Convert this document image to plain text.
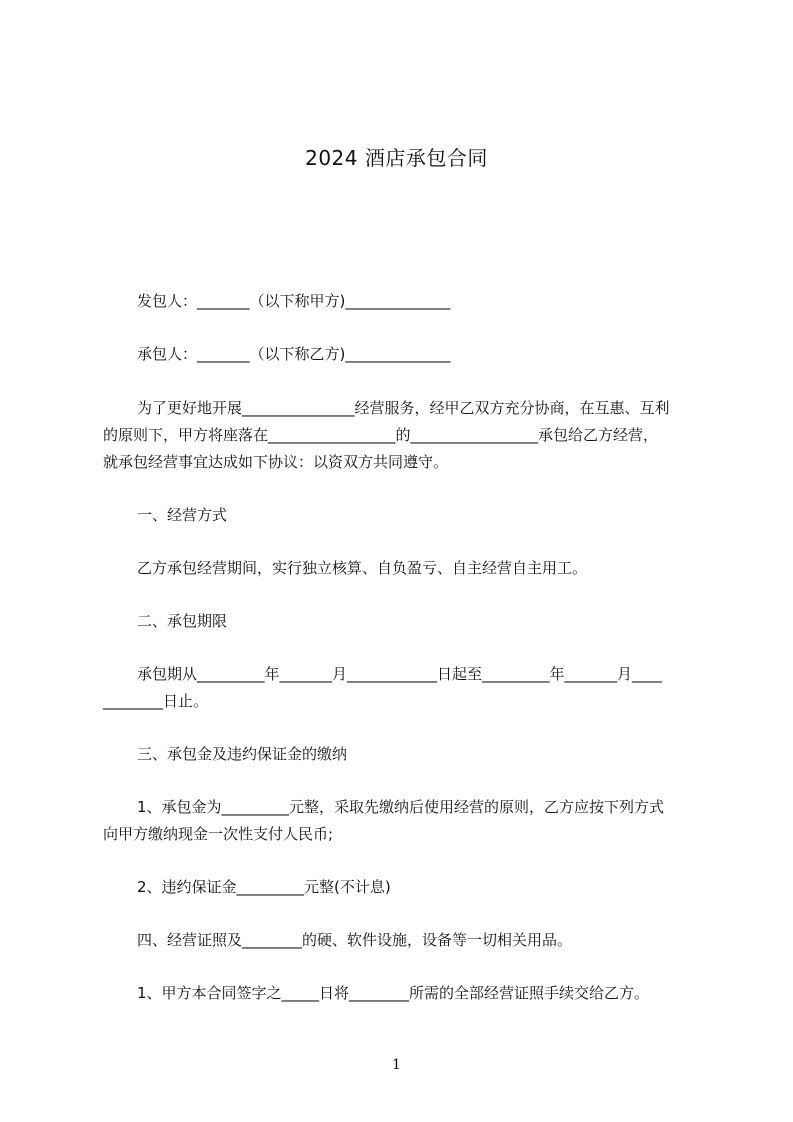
2024 酒店承包合同
发包人：_______（以下称甲方)______________
承包人：_______（以下称乙方)______________
为了更好地开展_______________经营服务，经甲乙双方充分协商，在互惠、互利
的原则下，甲方将座落在_________________的_________________承包给乙方经营，
就承包经营事宜达成如下协议：以资双方共同遵守。
一、经营方式
乙方承包经营期间，实行独立核算、自负盈亏、自主经营自主用工。
二、承包期限
承包期从_________年_______月____________日起至_________年_______月____
________日止。
三、承包金及违约保证金的缴纳
1、承包金为_________元整，采取先缴纳后使用经营的原则，乙方应按下列方式
向甲方缴纳现金一次性支付人民币;
2、违约保证金_________元整(不计息)
四、经营证照及________的硬、软件设施，设备等一切相关用品。
1、甲方本合同签字之_____日将________所需的全部经营证照手续交给乙方。
1
